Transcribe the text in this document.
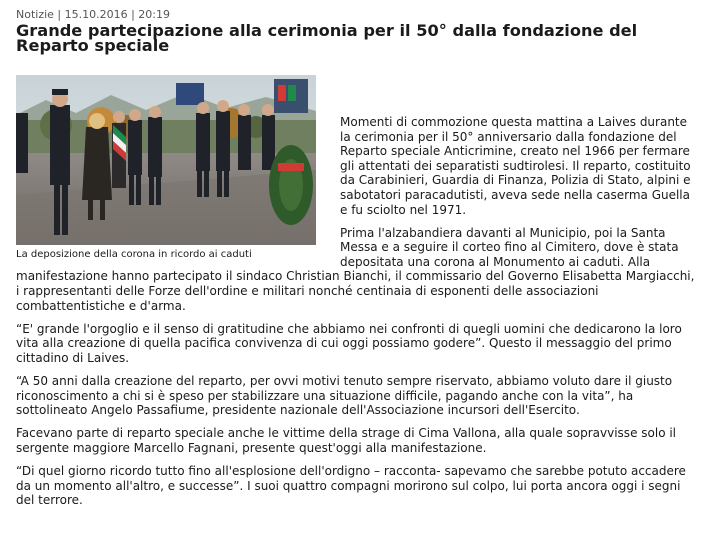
Notizie | 15.10.2016 | 20:19
Grande partecipazione alla cerimonia per il 50° dalla fondazione del Reparto speciale
La deposizione della corona in ricordo ai caduti

Momenti di commozione questa mattina a Laives durante la cerimonia per il 50° anniversario dalla fondazione del Reparto speciale Anticrimine, creato nel 1966 per fermare gli attentati dei separatisti sudtirolesi. Il reparto, costituito da Carabinieri, Guardia di Finanza, Polizia di Stato, alpini e sabotatori paracadutisti, aveva sede nella caserma Guella e fu sciolto nel 1971.

Prima l'alzabandiera davanti al Municipio, poi la Santa Messa e a seguire il corteo fino al Cimitero, dove è stata depositata una corona al Monumento ai caduti. Alla manifestazione hanno partecipato il sindaco Christian Bianchi, il commissario del Governo Elisabetta Margiacchi, i rappresentanti delle Forze dell'ordine e militari nonché centinaia di esponenti delle associazioni combattentistiche e d'arma.

“E' grande l'orgoglio e il senso di gratitudine che abbiamo nei confronti di quegli uomini che dedicarono la loro vita alla creazione di quella pacifica convivenza di cui oggi possiamo godere”. Questo il messaggio del primo cittadino di Laives.

“A 50 anni dalla creazione del reparto, per ovvi motivi tenuto sempre riservato, abbiamo voluto dare il giusto riconoscimento a chi si è speso per stabilizzare una situazione difficile, pagando anche con la vita”, ha sottolineato Angelo Passafiume, presidente nazionale dell'Associazione incursori dell'Esercito.

Facevano parte di reparto speciale anche le vittime della strage di Cima Vallona, alla quale sopravvisse solo il sergente maggiore Marcello Fagnani, presente quest'oggi alla manifestazione.

“Di quel giorno ricordo tutto fino all'esplosione dell'ordigno – racconta- sapevamo che sarebbe potuto accadere da un momento all'altro, e successe”. I suoi quattro compagni morirono sul colpo, lui porta ancora oggi i segni del terrore.
